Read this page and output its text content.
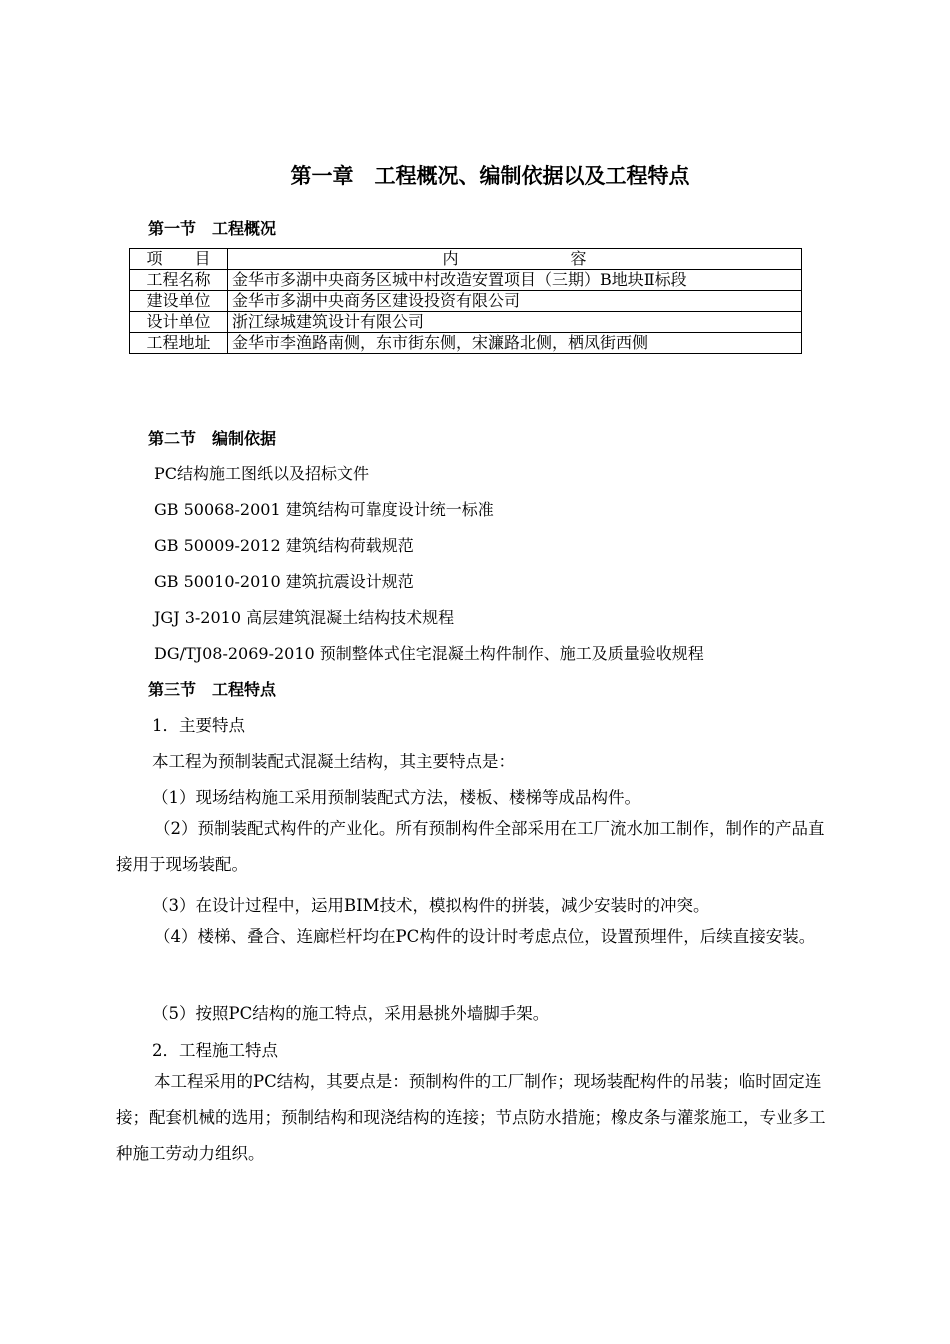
第一章　工程概况、编制依据以及工程特点
第一节　工程概况
项　　目	内　　　　　　　容
工程名称	金华市多湖中央商务区城中村改造安置项目（三期）B地块Ⅱ标段
建设单位	金华市多湖中央商务区建设投资有限公司
设计单位	浙江绿城建筑设计有限公司
工程地址	金华市李渔路南侧，东市街东侧，宋濂路北侧，栖凤街西侧
第二节　编制依据
PC结构施工图纸以及招标文件
GB 50068-2001 建筑结构可靠度设计统一标准
GB 50009-2012 建筑结构荷载规范
GB 50010-2010 建筑抗震设计规范
JGJ 3-2010 高层建筑混凝土结构技术规程
DG/TJ08-2069-2010 预制整体式住宅混凝土构件制作、施工及质量验收规程
第三节　工程特点
1．主要特点
本工程为预制装配式混凝土结构，其主要特点是：
（1）现场结构施工采用预制装配式方法，楼板、楼梯等成品构件。
（2）预制装配式构件的产业化。所有预制构件全部采用在工厂流水加工制作，制作的产品直接用于现场装配。
（3）在设计过程中，运用BIM技术，模拟构件的拼装，减少安装时的冲突。
（4）楼梯、叠合、连廊栏杆均在PC构件的设计时考虑点位，设置预埋件，后续直接安装。
（5）按照PC结构的施工特点，采用悬挑外墙脚手架。
2．工程施工特点
本工程采用的PC结构，其要点是：预制构件的工厂制作；现场装配构件的吊装；临时固定连接；配套机械的选用；预制结构和现浇结构的连接；节点防水措施；橡皮条与灌浆施工，专业多工种施工劳动力组织。
